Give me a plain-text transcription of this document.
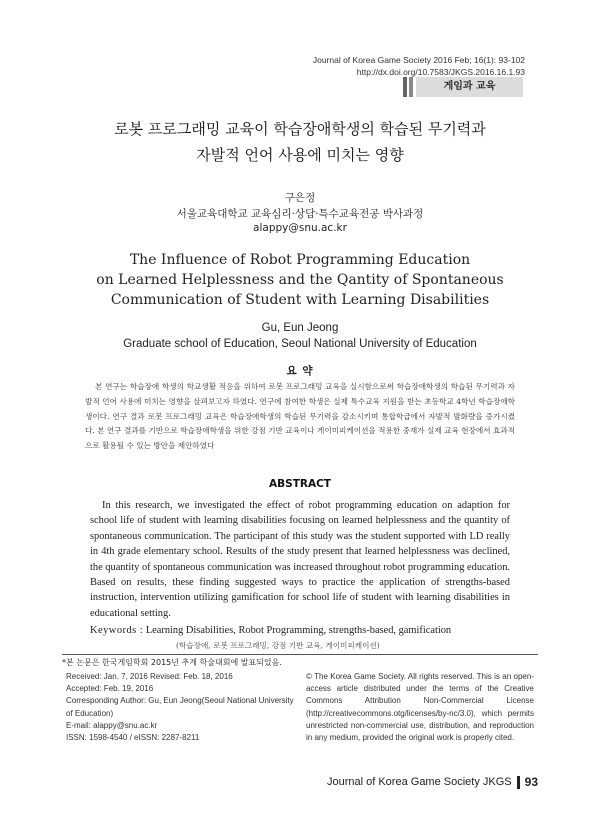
Journal of Korea Game Society 2016 Feb; 16(1): 93-102
http://dx.doi.org/10.7583/JKGS.2016.16.1.93
게임과 교육
로봇 프로그래밍 교육이 학습장애학생의 학습된 무기력과
자발적 언어 사용에 미치는 영향
구은정
서울교육대학교 교육심리·상담·특수교육전공 박사과정
alappy@snu.ac.kr
The Influence of Robot Programming Education
on Learned Helplessness and the Qantity of Spontaneous
Communication of Student with Learning Disabilities
Gu, Eun Jeong
Graduate school of Education, Seoul National University of Education
요 약
본 연구는 학습장애 학생의 학교생활 적응을 위하여 로봇 프로그래밍 교육을 실시함으로써 학습장애학생의 학습된 무기력과 자발적 언어 사용에 미치는 영향을 살펴보고자 하였다. 연구에 참여한 학생은 실제 특수교육 지원을 받는 초등학교 4학년 학습장애학생이다. 연구 결과 로봇 프로그래밍 교육은 학습장애학생의 학습된 무기력을 감소시키며 통합학급에서 자발적 발화량을 증가시켰다. 본 연구 결과를 기반으로 학습장애학생을 위한 강점 기반 교육이나 게이미피케이션을 적용한 중재가 실제 교육 현장에서 효과적으로 활용될 수 있는 방안을 제안하였다
ABSTRACT
In this research, we investigated the effect of robot programming education on adaption for school life of student with learning disabilities focusing on learned helplessness and the quantity of spontaneous communication. The participant of this study was the student supported with LD really in 4th grade elementary school. Results of the study present that learned helplessness was declined, the quantity of spontaneous communication was increased throughout robot programming education. Based on results, these finding suggested ways to practice the application of strengths-based instruction, intervention utilizing gamification for school life of student with learning disabilities in educational setting.
Keywords : Learning Disabilities, Robot Programming, strengths-based, gamification
(학습장애, 로봇 프로그래밍, 강점 기반 교육, 게이미피케이션)
*본 논문은 한국게임학회 2015년 추계 학술대회에 발표되었음.
Received: Jan. 7, 2016 Revised: Feb. 18, 2016
Accepted: Feb. 19, 2016
Corresponding Author: Gu, Eun Jeong(Seoul National University of Education)
E-mail: alappy@snu.ac.kr
ISSN: 1598-4540 / eISSN: 2287-8211
© The Korea Game Society. All rights reserved. This is an open-access article distributed under the terms of the Creative Commons Attribution Non-Commercial License (http://creativecommons.otg/licenses/by-nc/3.0), which permits unrestricted non-commercial use, distribution, and reproduction in any medium, provided the original work is properly cited.
Journal of Korea Game Society JKGS 93
